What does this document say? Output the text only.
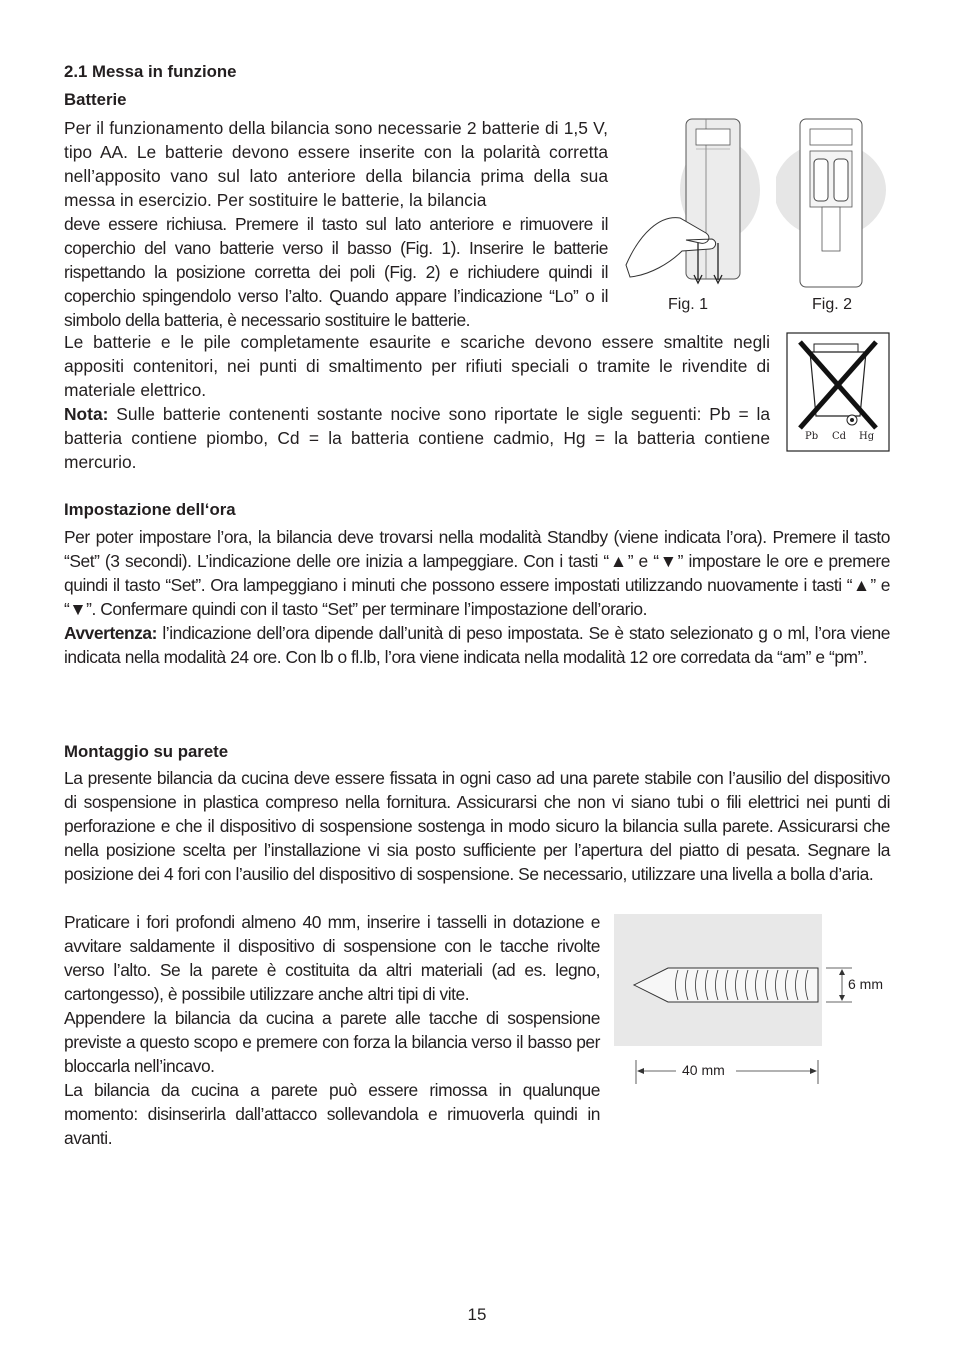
2.1 Messa in funzione
Batterie

Per il funzionamento della bilancia sono necessarie 2 batterie di 1,5 V, tipo AA. Le batterie devono essere inserite con la polarità corretta nell’apposito vano sul lato anteriore della bilancia prima della sua messa in esercizio. Per sostituire le batterie, la bilancia

deve essere richiusa. Premere il tasto sul lato anteriore e rimuovere il coperchio del vano batterie verso il basso (Fig. 1). Inserire le batterie rispettando la posizione corretta dei poli (Fig. 2) e richiudere quindi il coperchio spingendolo verso l’alto. Quando appare l’indicazione “Lo” o il simbolo della batteria, è necessario sostituire le batterie.

Le batterie e le pile completamente esaurite e scariche devono essere smaltite negli appositi contenitori, nei punti di smaltimento per rifiuti speciali o tramite le rivendite di materiale elettrico.

Nota: Sulle batterie contenenti sostante nocive sono riportate le sigle seguenti: Pb = la batteria contiene piombo, Cd = la batteria contiene cadmio, Hg = la batteria contiene mercurio.

Fig. 1	Fig. 2
Pb Cd Hg
Impostazione dell‘ora

Per poter impostare l’ora, la bilancia deve trovarsi nella modalità Standby (viene indicata l’ora). Premere il tasto “Set” (3 secondi). L’indicazione delle ore inizia a lampeggiare. Con i tasti “▲” e “▼” impostare le ore e premere quindi il tasto “Set”. Ora lampeggiano i minuti che possono essere impostati utilizzando nuovamente i tasti “▲” e “▼”. Confermare quindi con il tasto “Set” per terminare l’impostazione dell’orario.

Avvertenza: l’indicazione dell’ora dipende dall’unità di peso impostata. Se è stato selezionato g o ml, l’ora viene indicata nella modalità 24 ore. Con lb o fl.lb, l’ora viene indicata nella modalità 12 ore corredata da “am” e “pm”.

Montaggio su parete
La presente bilancia da cucina deve essere fissata in ogni caso ad una parete stabile con l’ausilio del dispositivo di sospensione in plastica compreso nella fornitura. Assicurarsi che non vi siano tubi o fili elettrici nei punti di perforazione e che il dispositivo di sospensione sostenga in modo sicuro la bilancia sulla parete. Assicurarsi che nella posizione scelta per l’installazione vi sia posto sufficiente per l’apertura del piatto di pesata. Segnare la posizione dei 4 fori con l’ausilio del dispositivo di sospensione. Se necessario, utilizzare una livella a bolla d’aria.

Praticare i fori profondi almeno 40 mm, inserire i tasselli in dotazione e avvitare saldamente il dispositivo di sospensione con le tacche rivolte verso l’alto. Se la parete è costituita da altri materiali (ad es. legno, cartongesso), è possibile utilizzare anche altri tipi di vite.

Appendere la bilancia da cucina a parete alle tacche di sospensione previste a questo scopo e premere con forza la bilancia verso il basso per bloccarla nell’incavo.

La bilancia da cucina a parete può essere rimossa in qualunque momento: disinserirla dall’attacco sollevandola e rimuoverla quindi in avanti.

6 mm
40 mm
15
